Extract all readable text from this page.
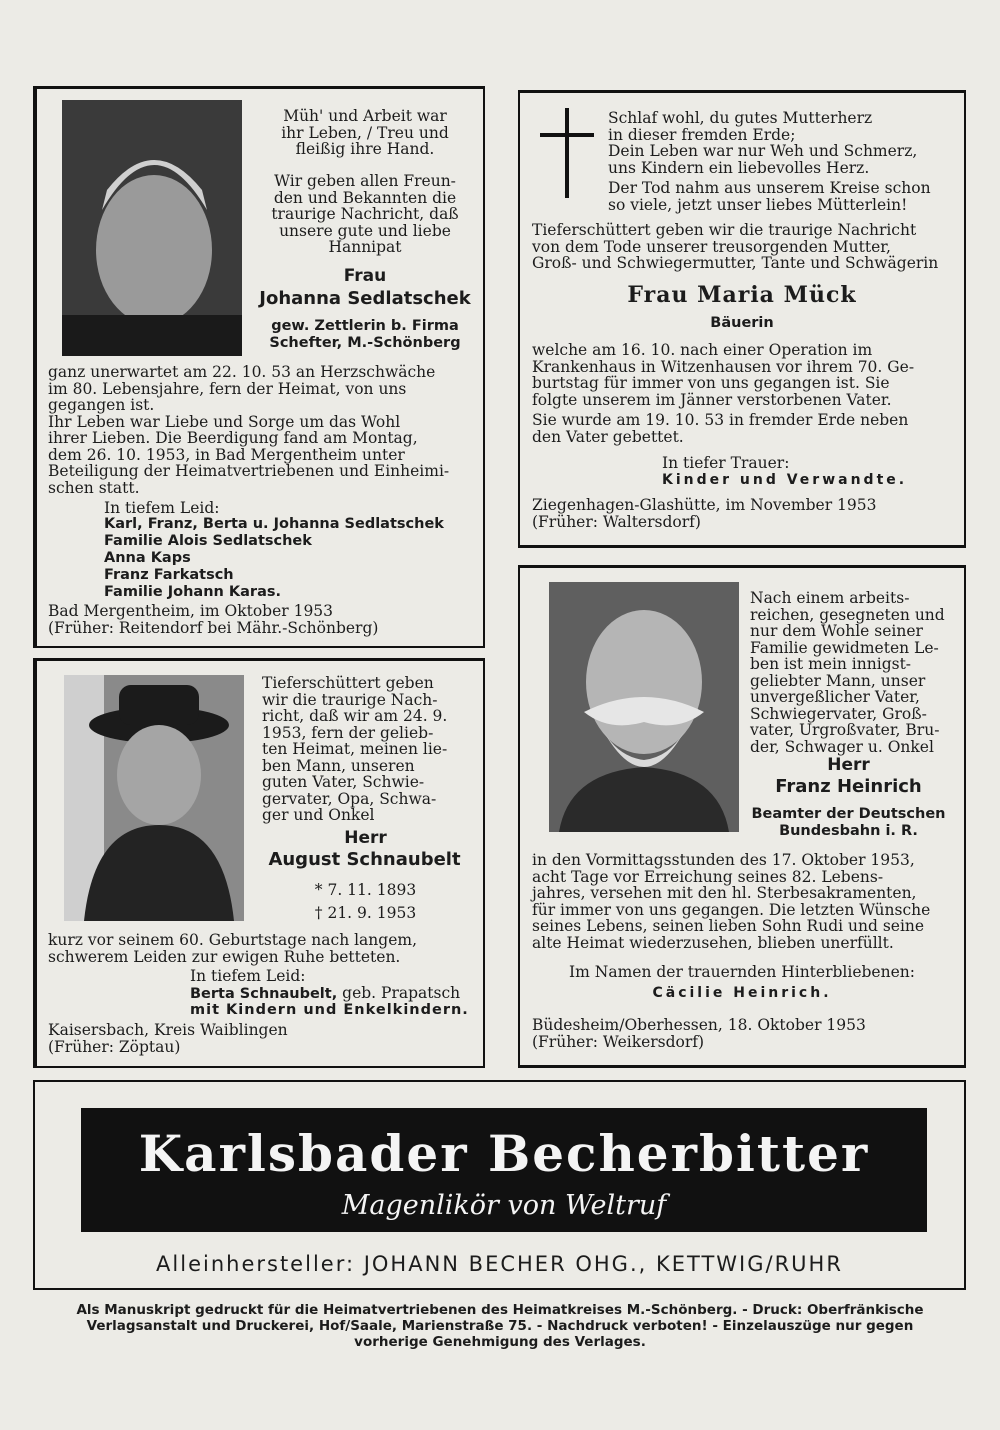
Müh' und Arbeit war

ihr Leben, / Treu und

fleißig ihre Hand.

Wir geben allen Freun-

den und Bekannten die

traurige Nachricht, daß

unsere gute und liebe

Hannipat

Frau
Johanna Sedlatschek

gew. Zettlerin b. Firma

Schefter, M.-Schönberg

ganz unerwartet am 22. 10. 53 an Herzschwäche

im 80. Lebensjahre, fern der Heimat, von uns

gegangen ist.

Ihr Leben war Liebe und Sorge um das Wohl

ihrer Lieben. Die Beerdigung fand am Montag,

dem 26. 10. 1953, in Bad Mergentheim unter

Beteiligung der Heimatvertriebenen und Einheimi-

schen statt.

In tiefem Leid:

Karl, Franz, Berta u. Johanna Sedlatschek

Familie Alois Sedlatschek

Anna Kaps

Franz Farkatsch

Familie Johann Karas.

Bad Mergentheim, im Oktober 1953
(Früher: Reitendorf bei Mähr.-Schönberg)

Schlaf wohl, du gutes Mutterherz

in dieser fremden Erde;

Dein Leben war nur Weh und Schmerz,

uns Kindern ein liebevolles Herz.

Der Tod nahm aus unserem Kreise schon

so viele, jetzt unser liebes Mütterlein!

Tieferschüttert geben wir die traurige Nachricht

von dem Tode unserer treusorgenden Mutter,

Groß- und Schwiegermutter, Tante und Schwägerin

Frau Maria Mück
Bäuerin

welche am 16. 10. nach einer Operation im

Krankenhaus in Witzenhausen vor ihrem 70. Ge-

burtstag für immer von uns gegangen ist. Sie

folgte unserem im Jänner verstorbenen Vater.

Sie wurde am 19. 10. 53 in fremder Erde neben

den Vater gebettet.

In tiefer Trauer:
Kinder und Verwandte.
Ziegenhagen-Glashütte, im November 1953
(Früher: Waltersdorf)

Tieferschüttert geben

wir die traurige Nach-

richt, daß wir am 24. 9.

1953, fern der gelieb-

ten Heimat, meinen lie-

ben Mann, unseren

guten Vater, Schwie-

gervater, Opa, Schwa-

ger und Onkel

Herr
August Schnaubelt
* 7. 11. 1893
† 21. 9. 1953

kurz vor seinem 60. Geburtstage nach langem,

schwerem Leiden zur ewigen Ruhe betteten.

In tiefem Leid:
Berta Schnaubelt, geb. Prapatsch
mit Kindern und Enkelkindern.
Kaisersbach, Kreis Waiblingen
(Früher: Zöptau)

Nach einem arbeits-

reichen, gesegneten und

nur dem Wohle seiner

Familie gewidmeten Le-

ben ist mein innigst-

geliebter Mann, unser

unvergeßlicher Vater,

Schwiegervater, Groß-

vater, Urgroßvater, Bru-

der, Schwager u. Onkel

Herr
Franz Heinrich

Beamter der Deutschen

Bundesbahn i. R.

in den Vormittagsstunden des 17. Oktober 1953,

acht Tage vor Erreichung seines 82. Lebens-

jahres, versehen mit den hl. Sterbesakramenten,

für immer von uns gegangen. Die letzten Wünsche

seines Lebens, seinen lieben Sohn Rudi und seine

alte Heimat wiederzusehen, blieben unerfüllt.

Im Namen der trauernden Hinterbliebenen:
Cäcilie Heinrich.
Büdesheim/Oberhessen, 18. Oktober 1953
(Früher: Weikersdorf)
Karlsbader Becherbitter
Magenlikör von Weltruf
Alleinhersteller: JOHANN BECHER OHG., KETTWIG/RUHR

Als Manuskript gedruckt für die Heimatvertriebenen des Heimatkreises M.-Schönberg. - Druck: Oberfränkische

Verlagsanstalt und Druckerei, Hof/Saale, Marienstraße 75. - Nachdruck verboten! - Einzelauszüge nur gegen

vorherige Genehmigung des Verlages.
